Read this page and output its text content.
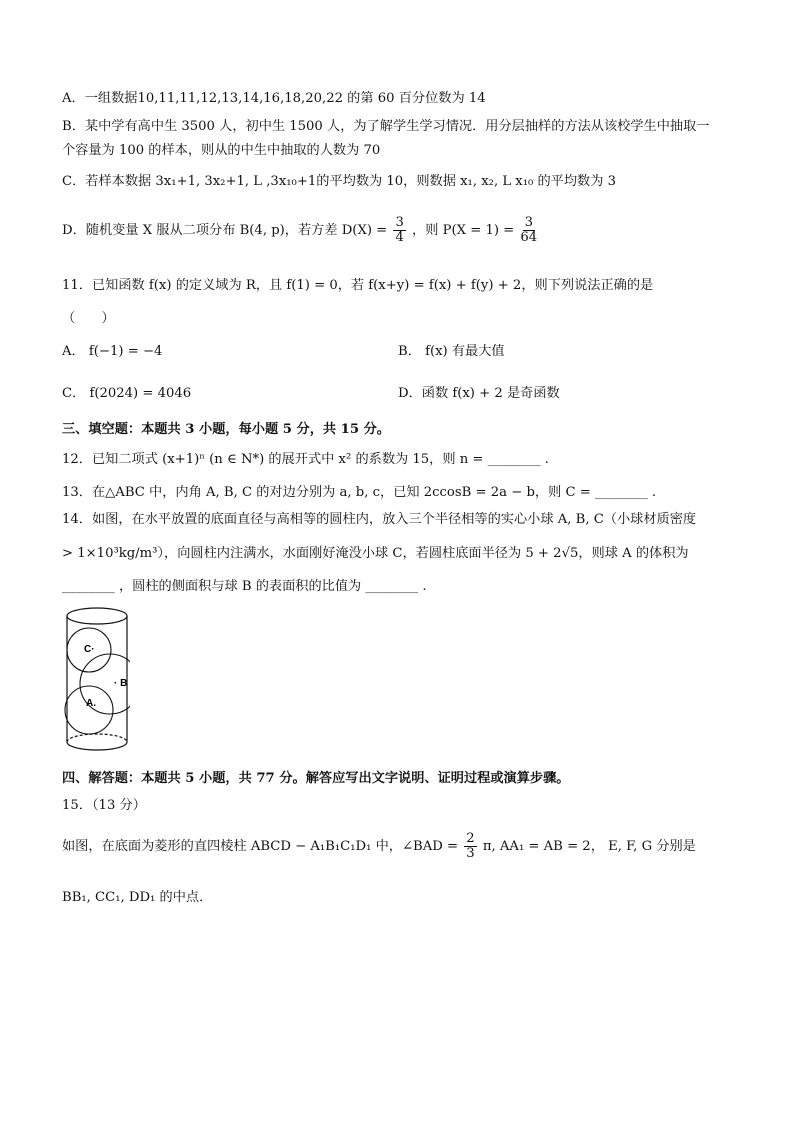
A．一组数据10,11,11,12,13,14,16,18,20,22 的第 60 百分位数为 14
B．某中学有高中生 3500 人，初中生 1500 人，为了解学生学习情况．用分层抽样的方法从该校学生中抽取一
个容量为 100 的样本，则从的中生中抽取的人数为 70
C．若样本数据 3x₁+1, 3x₂+1, L ,3x₁₀+1的平均数为 10，则数据 x₁, x₂, L x₁₀ 的平均数为 3
D．随机变量 X 服从二项分布 B(4, p)，若方差 $D(X) = \frac{3}{4}$ ，则 $P(X = 1) = \frac{3}{64}$
11．已知函数 f(x) 的定义域为 R，且 f(1) = 0，若 f(x+y) = f(x) + f(y) + 2，则下列说法正确的是
（　　）
A． f(−1) = −4	B． f(x) 有最大值
C． f(2024) = 4046	D．函数 f(x) + 2 是奇函数
三、填空题：本题共 3 小题，每小题 5 分，共 15 分。
12．已知二项式 (x+1)ⁿ (n ∈ N*) 的展开式中 x² 的系数为 15，则 n = ________ .
13．在△ABC 中，内角 A, B, C 的对边分别为 a, b, c，已知 2ccosB = 2a − b，则 C = ________ .
14．如图，在水平放置的底面直径与高相等的圆柱内，放入三个半径相等的实心小球 A, B, C（小球材质密度
> 1×10³kg/m³），向圆柱内注满水，水面刚好淹没小球 C，若圆柱底面半径为 5 + 2√5，则球 A 的体积为
________ ，圆柱的侧面积与球 B 的表面积的比值为 ________ .
C·
· B
A.
四、解答题：本题共 5 小题，共 77 分。解答应写出文字说明、证明过程或演算步骤。
15．（13 分）
如图，在底面为菱形的直四棱柱 ABCD − A₁B₁C₁D₁ 中，∠BAD = $\frac{2}{3} \pi$, AA₁ = AB = 2， E, F, G 分别是
BB₁, CC₁, DD₁ 的中点．
